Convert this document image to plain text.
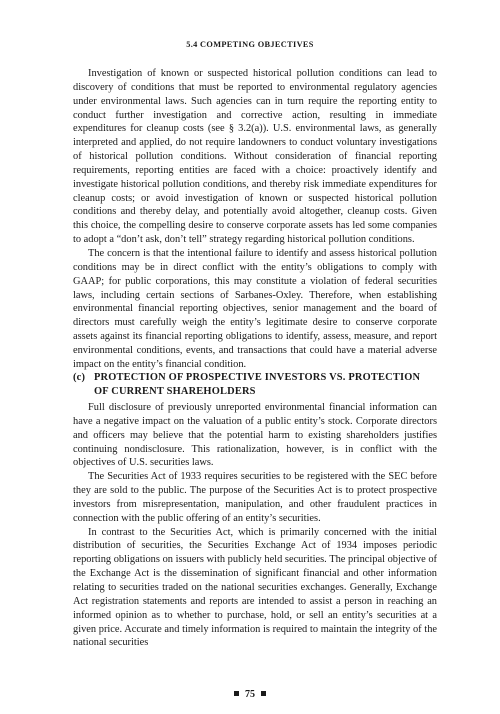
5.4 COMPETING OBJECTIVES

Investigation of known or suspected historical pollution conditions can lead to discovery of conditions that must be reported to environmental regulatory agencies under environmental laws. Such agencies can in turn require the reporting entity to conduct further investigation and corrective action, resulting in immediate expenditures for cleanup costs (see § 3.2(a)). U.S. environmental laws, as generally interpreted and applied, do not require landowners to conduct voluntary investigations of historical pollution conditions. Without consideration of financial reporting requirements, reporting entities are faced with a choice: proactively identify and investigate historical pollution conditions, and thereby risk immediate expenditures for cleanup costs; or avoid investigation of known or suspected historical pollution conditions and thereby delay, and potentially avoid altogether, cleanup costs. Given this choice, the compelling desire to conserve corporate assets has led some companies to adopt a “don’t ask, don’t tell” strategy regarding historical pollution conditions.

The concern is that the intentional failure to identify and assess historical pollution conditions may be in direct conflict with the entity’s obligations to comply with GAAP; for public corporations, this may constitute a violation of federal securities laws, including certain sections of Sarbanes-Oxley. Therefore, when establishing environmental financial reporting objectives, senior management and the board of directors must carefully weigh the entity’s legitimate desire to conserve corporate assets against its financial reporting obligations to identify, assess, measure, and report environmental conditions, events, and transactions that could have a material adverse impact on the entity’s financial condition.

(c) PROTECTION OF PROSPECTIVE INVESTORS VS. PROTECTION OF CURRENT SHAREHOLDERS

Full disclosure of previously unreported environmental financial information can have a negative impact on the valuation of a public entity’s stock. Corporate directors and officers may believe that the potential harm to existing shareholders justifies continuing nondisclosure. This rationalization, however, is in conflict with the objectives of U.S. securities laws.

The Securities Act of 1933 requires securities to be registered with the SEC before they are sold to the public. The purpose of the Securities Act is to protect prospective investors from misrepresentation, manipulation, and other fraudulent practices in connection with the public offering of an entity’s securities.

In contrast to the Securities Act, which is primarily concerned with the initial distribution of securities, the Securities Exchange Act of 1934 imposes periodic reporting obligations on issuers with publicly held securities. The principal objective of the Exchange Act is the dissemination of significant financial and other information relating to securities traded on the national securities exchanges. Generally, Exchange Act registration statements and reports are intended to assist a person in reaching an informed opinion as to whether to purchase, hold, or sell an entity’s securities at a given price. Accurate and timely information is required to maintain the integrity of the national securities

75
